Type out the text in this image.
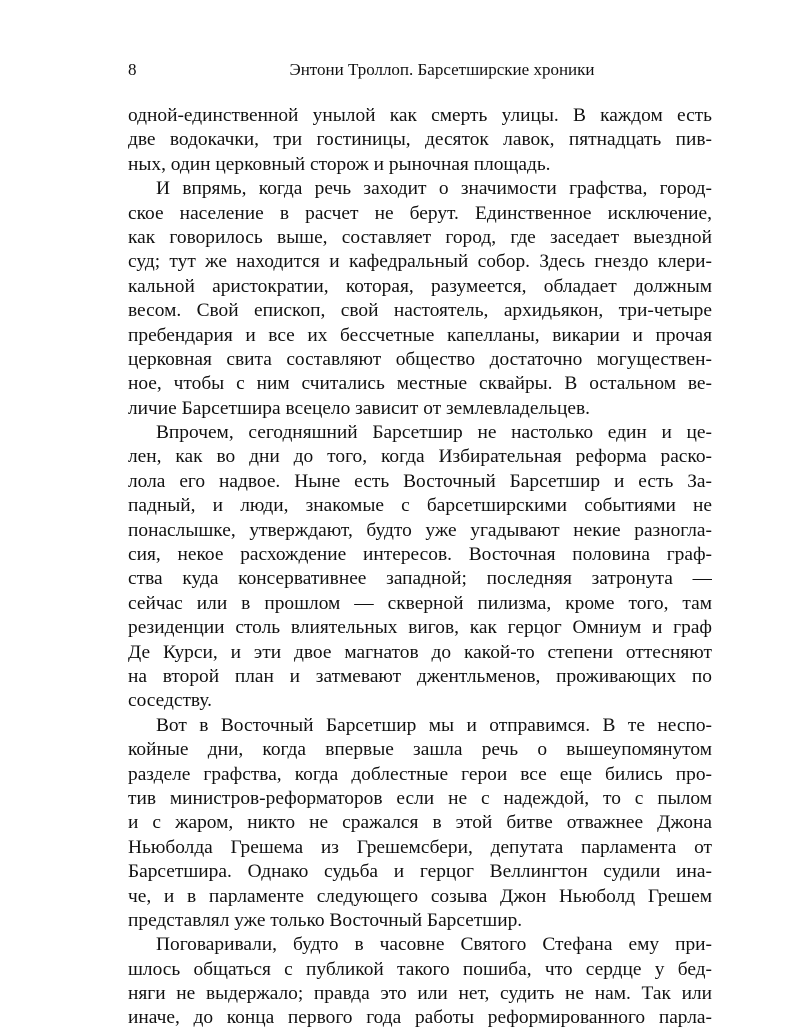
8	Энтони Троллоп. Барсетширские хроники
одной-единственной унылой как смерть улицы. В каждом есть
две водокачки, три гостиницы, десяток лавок, пятнадцать пив-
ных, один церковный сторож и рыночная площадь.
И впрямь, когда речь заходит о значимости графства, город-
ское население в расчет не берут. Единственное исключение,
как говорилось выше, составляет город, где заседает выездной
суд; тут же находится и кафедральный собор. Здесь гнездо клери-
кальной аристократии, которая, разумеется, обладает должным
весом. Свой епископ, свой настоятель, архидьякон, три-четыре
пребендария и все их бессчетные капелланы, викарии и прочая
церковная свита составляют общество достаточно могуществен-
ное, чтобы с ним считались местные сквайры. В остальном ве-
личие Барсетшира всецело зависит от землевладельцев.
Впрочем, сегодняшний Барсетшир не настолько един и це-
лен, как во дни до того, когда Избирательная реформа раско-
лола его надвое. Ныне есть Восточный Барсетшир и есть За-
падный, и люди, знакомые с барсетширскими событиями не
понаслышке, утверждают, будто уже угадывают некие разногла-
сия, некое расхождение интересов. Восточная половина граф-
ства куда консервативнее западной; последняя затронута —
сейчас или в прошлом — скверной пилизма, кроме того, там
резиденции столь влиятельных вигов, как герцог Омниум и граф
Де Курси, и эти двое магнатов до какой-то степени оттесняют
на второй план и затмевают джентльменов, проживающих по
соседству.
Вот в Восточный Барсетшир мы и отправимся. В те неспо-
койные дни, когда впервые зашла речь о вышеупомянутом
разделе графства, когда доблестные герои все еще бились про-
тив министров-реформаторов если не с надеждой, то с пылом
и с жаром, никто не сражался в этой битве отважнее Джона
Ньюболда Грешема из Грешемсбери, депутата парламента от
Барсетшира. Однако судьба и герцог Веллингтон судили ина-
че, и в парламенте следующего созыва Джон Ньюболд Грешем
представлял уже только Восточный Барсетшир.
Поговаривали, будто в часовне Святого Стефана ему при-
шлось общаться с публикой такого пошиба, что сердце у бед-
няги не выдержало; правда это или нет, судить не нам. Так или
иначе, до конца первого года работы реформированного парла-
